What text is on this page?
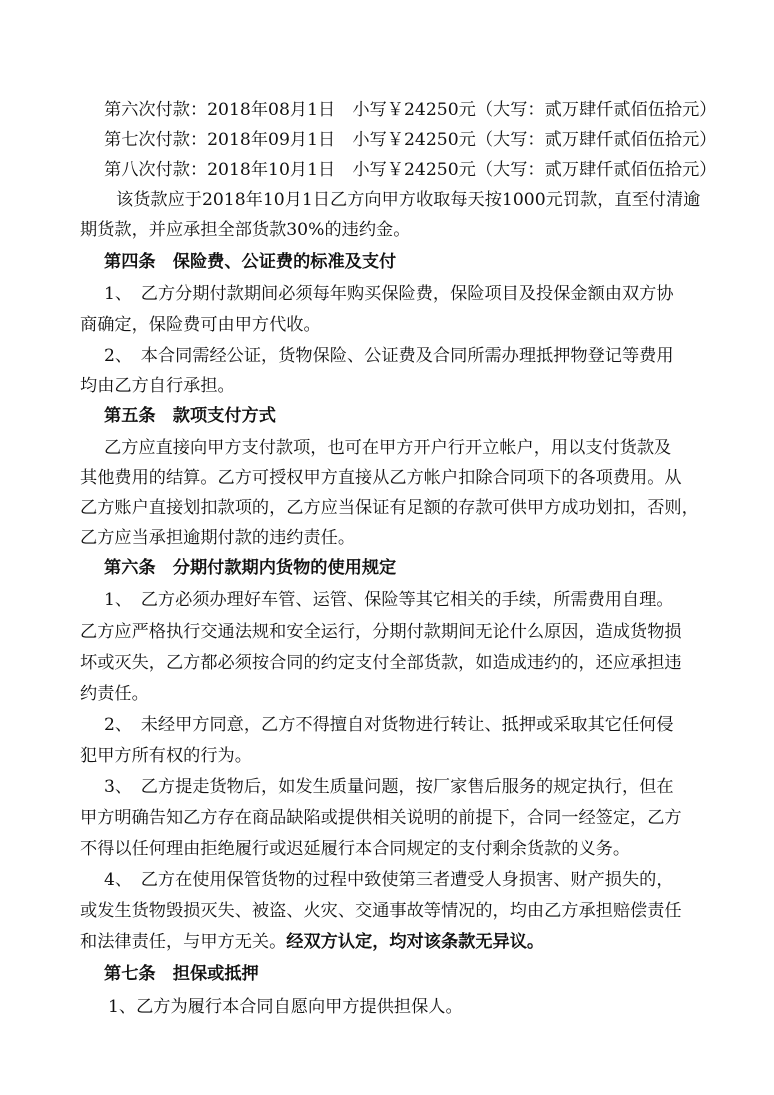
第六次付款：2018年08月1日　小写￥24250元（大写：贰万肆仟贰佰伍拾元）

第七次付款：2018年09月1日　小写￥24250元（大写：贰万肆仟贰佰伍拾元）

第八次付款：2018年10月1日　小写￥24250元（大写：贰万肆仟贰佰伍拾元）

该货款应于2018年10月1日乙方向甲方收取每天按1000元罚款，直至付清逾

期货款，并应承担全部货款30%的违约金。

第四条　保险费、公证费的标准及支付

1、　乙方分期付款期间必须每年购买保险费，保险项目及投保金额由双方协

商确定，保险费可由甲方代收。

2、　本合同需经公证，货物保险、公证费及合同所需办理抵押物登记等费用

均由乙方自行承担。

第五条　款项支付方式

乙方应直接向甲方支付款项，也可在甲方开户行开立帐户，用以支付货款及

其他费用的结算。乙方可授权甲方直接从乙方帐户扣除合同项下的各项费用。从

乙方账户直接划扣款项的，乙方应当保证有足额的存款可供甲方成功划扣，否则，

乙方应当承担逾期付款的违约责任。

第六条　分期付款期内货物的使用规定

1、　乙方必须办理好车管、运管、保险等其它相关的手续，所需费用自理。

乙方应严格执行交通法规和安全运行，分期付款期间无论什么原因，造成货物损

坏或灭失，乙方都必须按合同的约定支付全部货款，如造成违约的，还应承担违

约责任。

2、　未经甲方同意，乙方不得擅自对货物进行转让、抵押或采取其它任何侵

犯甲方所有权的行为。

3、　乙方提走货物后，如发生质量问题，按厂家售后服务的规定执行，但在

甲方明确告知乙方存在商品缺陷或提供相关说明的前提下，合同一经签定，乙方

不得以任何理由拒绝履行或迟延履行本合同规定的支付剩余货款的义务。

4、　乙方在使用保管货物的过程中致使第三者遭受人身损害、财产损失的，

或发生货物毁损灭失、被盗、火灾、交通事故等情况的，均由乙方承担赔偿责任

和法律责任，与甲方无关。经双方认定，均对该条款无异议。

第七条　担保或抵押

1、乙方为履行本合同自愿向甲方提供担保人。
